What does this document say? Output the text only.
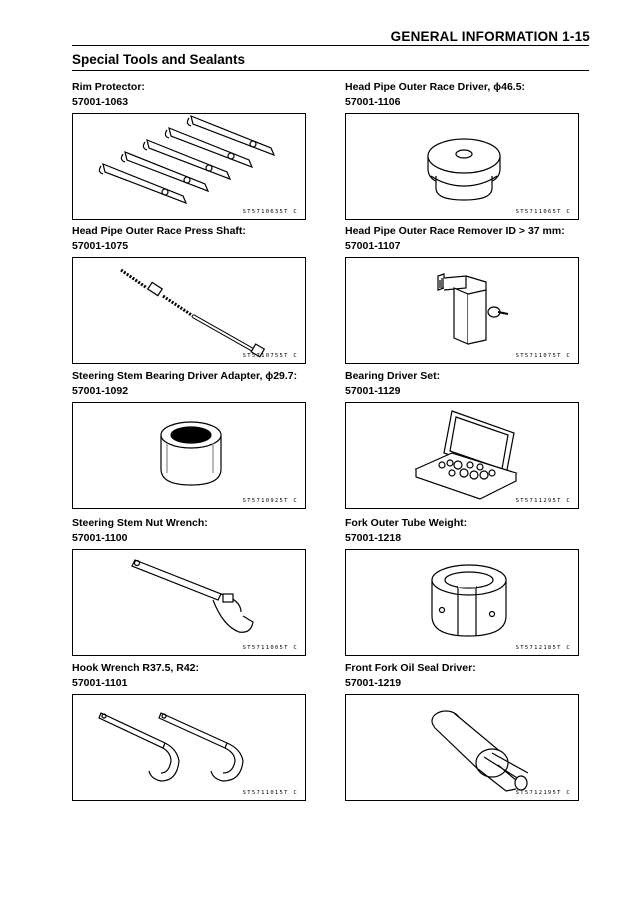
GENERAL INFORMATION 1-15
Special Tools and Sealants
Rim Protector:
57001-1063
ST5710635T C
Head Pipe Outer Race Driver, ϕ46.5:
57001-1106
ST5711065T C
Head Pipe Outer Race Press Shaft:
57001-1075
ST5710755T C
Head Pipe Outer Race Remover ID > 37 mm:
57001-1107
ST5711075T C
Steering Stem Bearing Driver Adapter, ϕ29.7:
57001-1092
ST5710925T C
Bearing Driver Set:
57001-1129
ST5711295T C
Steering Stem Nut Wrench:
57001-1100
ST5711005T C
Fork Outer Tube Weight:
57001-1218
ST5712185T C
Hook Wrench R37.5, R42:
57001-1101
ST5711015T C
Front Fork Oil Seal Driver:
57001-1219
ST5712195T C
